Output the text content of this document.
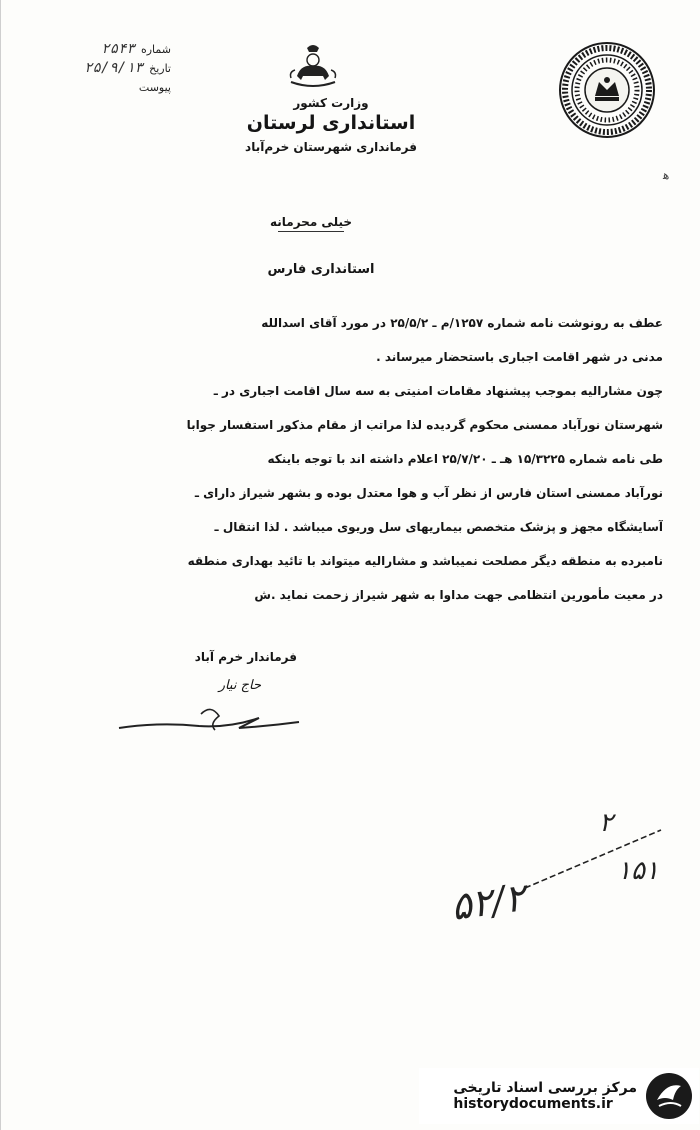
شماره
۲۵۴۳
تاریخ
۲۵/۹/۱۳
پیوست
وزارت کشور
استانداری لرستان
فرمانداری شهرستان خرم‌آباد
خیلی محرمانه
استانداری فارس
عطف به رونوشت نامه شماره ۱۲۵۷/م ـ ۲۵/۵/۲ در مورد آقای اسدالله
مدنی در شهر اقامت اجباری باستحضار میرساند .
چون مشارالیه بموجب پیشنهاد مقامات امنیتی به سه سال اقامت اجباری در ـ
شهرستان نورآباد ممسنی محکوم گردیده لذا مراتب از مقام مذکور استفسار جوابا
طی نامه شماره ۱۵/۳۲۲۵ هـ ـ ۲۵/۷/۲۰ اعلام داشته اند با توجه باینکه
نورآباد ممسنی استان فارس از نظر آب و هوا معتدل بوده و بشهر شیراز دارای ـ
آسایشگاه مجهز و پزشک متخصص بیماریهای سل وریوی میباشد . لذا انتقال ـ
نامبرده به منطقه دیگر مصلحت نمیباشد و مشارالیه میتواند با تائید بهداری منطقه
در معیت مأمورین انتظامی جهت مداوا به شهر شیراز زحمت نماید .ش
فرماندار خرم آباد
حاج نیار
۲
۱۵۱
۵۲/۲
ﻫ
مرکز بررسی اسناد تاریخی
historydocuments.ir
